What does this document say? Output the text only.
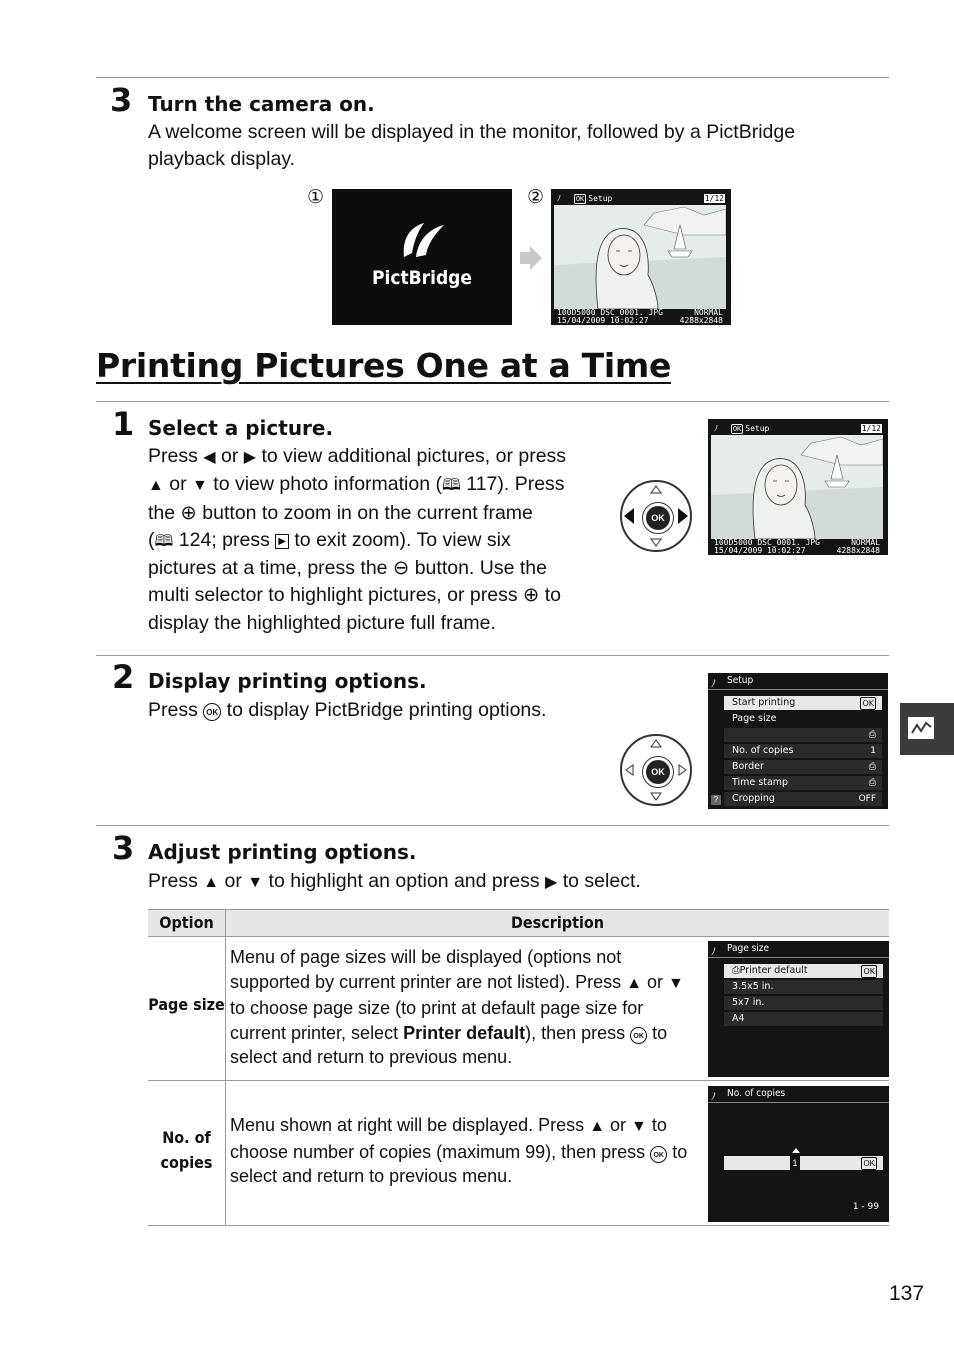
3 Turn the camera on.
A welcome screen will be displayed in the monitor, followed by a PictBridge playback display.
①	②
PictBridge
ﾉ OK Setup	1/12
100D5000 DSC_0001. JPG	NORMAL
15/04/2009 10:02:27	4288x2848
Printing Pictures One at a Time
1 Select a picture.
Press ◀ or ▶ to view additional pictures, or press
▲ or ▼ to view photo information (🕮 117). Press
the ⊕ button to zoom in on the current frame
(🕮 124; press ▶ to exit zoom). To view six
pictures at a time, press the ⊖ button. Use the
multi selector to highlight pictures, or press ⊕ to
display the highlighted picture full frame.
OK
ﾉ OK Setup	1/12
100D5000 DSC_0001. JPG	NORMAL
15/04/2009 10:02:27	4288x2848
2 Display printing options.
Press OK to display PictBridge printing options.
OK
ﾉ Setup
Start printing	OK
Page size
⎙
No. of copies	1
Border	⎙
Time stamp	⎙
Cropping	OFF
?
3 Adjust printing options.
Press ▲ or ▼ to highlight an option and press ▶ to select.
Option	Description
Page size
Menu of page sizes will be displayed (options not supported by current printer are not listed). Press ▲ or ▼ to choose page size (to print at default page size for current printer, select Printer default), then press OK to select and return to previous menu.
ﾉ Page size
⎙Printer default	OK
3.5x5 in.
5x7 in.
A4
No. of
copies
Menu shown at right will be displayed. Press ▲ or ▼ to choose number of copies (maximum 99), then press OK to select and return to previous menu.
ﾉ No. of copies
1	OK
1 - 99
137
